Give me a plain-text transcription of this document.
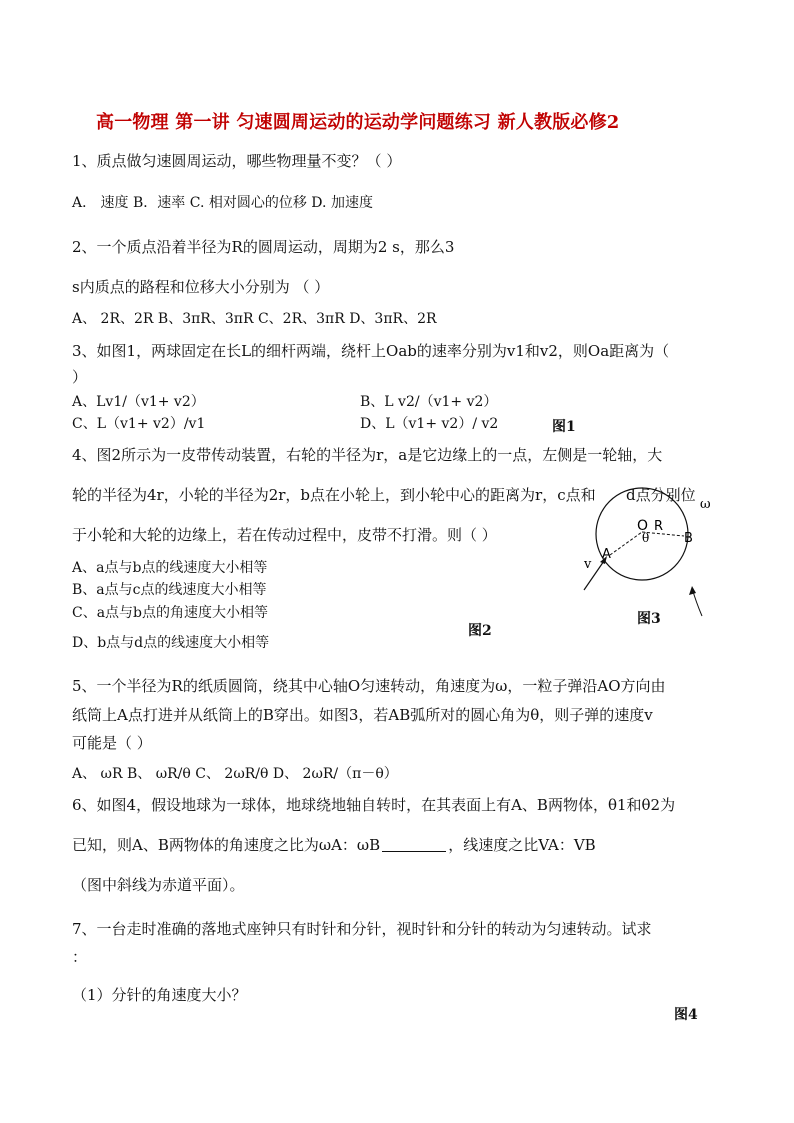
高一物理 第一讲 匀速圆周运动的运动学问题练习 新人教版必修2
1、质点做匀速圆周运动，哪些物理量不变？（ ）
A． 速度 B．速率 C. 相对圆心的位移 D. 加速度
2、一个质点沿着半径为R的圆周运动，周期为2 s，那么3
s内质点的路程和位移大小分别为 （ ）
A、 2R、2R B、3πR、3πR C、2R、3πR D、3πR、2R
3、如图1，两球固定在长L的细杆两端，绕杆上Oab的速率分别为v1和v2，则Oa距离为（
）
A、Lv1/（v1+ v2）	B、L v2/（v1+ v2）
C、L（v1+ v2）/v1	D、L（v1+ v2）/ v2	图1
4、图2所示为一皮带传动装置，右轮的半径为r，a是它边缘上的一点，左侧是一轮轴，大
轮的半径为4r，小轮的半径为2r，b点在小轮上，到小轮中心的距离为r，c点和 d点分别位
于小轮和大轮的边缘上，若在传动过程中，皮带不打滑。则（ ）
A、a点与b点的线速度大小相等
B、a点与c点的线速度大小相等
C、a点与b点的角速度大小相等
D、b点与d点的线速度大小相等
图2
图3
O R
θ
A
B
v
ω
5、一个半径为R的纸质圆筒，绕其中心轴O匀速转动，角速度为ω，一粒子弹沿AO方向由
纸筒上A点打进并从纸筒上的B穿出。如图3，若AB弧所对的圆心角为θ，则子弹的速度v
可能是（ ）
A、 ωR B、 ωR/θ C、 2ωR/θ D、 2ωR/（π－θ）
6、如图4，假设地球为一球体，地球绕地轴自转时，在其表面上有A、B两物体，θ1和θ2为
已知，则A、B两物体的角速度之比为ωA：ωB	，线速度之比VA：VB
（图中斜线为赤道平面）。
7、一台走时准确的落地式座钟只有时针和分针，视时针和分针的转动为匀速转动。试求
：
（1）分针的角速度大小？
图4
